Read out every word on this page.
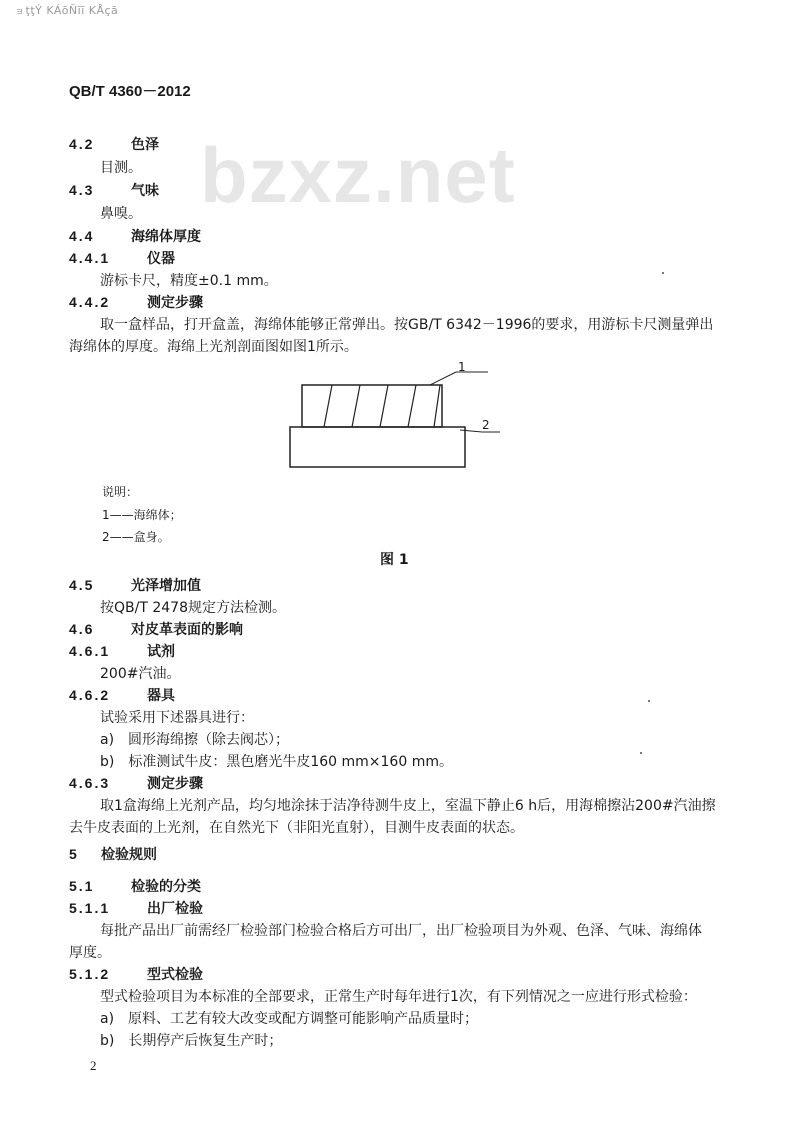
ョţţÝ KÁōÑīī KÅçã
QB/T 4360－2012
bzxz.net
4.2	色泽
目测。
4.3	气味
鼻嗅。
4.4	海绵体厚度
4.4.1	仪器
游标卡尺，精度±0.1 mm。
4.4.2	测定步骤
取一盒样品，打开盒盖，海绵体能够正常弹出。按GB/T 6342－1996的要求，用游标卡尺测量弹出
海绵体的厚度。海绵上光剂剖面图如图1所示。
1
2
说明：
1——海绵体；
2——盒身。
图 1
4.5	光泽增加值
按QB/T 2478规定方法检测。
4.6	对皮革表面的影响
4.6.1	试剂
200#汽油。
4.6.2	器具
试验采用下述器具进行：
a)　圆形海绵擦（除去阀芯）；
b)　标准测试牛皮：黑色磨光牛皮160 mm×160 mm。
4.6.3	测定步骤
取1盒海绵上光剂产品，均匀地涂抹于洁净待测牛皮上，室温下静止6 h后，用海棉擦沾200#汽油擦
去牛皮表面的上光剂，在自然光下（非阳光直射），目测牛皮表面的状态。
5 检验规则
5.1	检验的分类
5.1.1	出厂检验
每批产品出厂前需经厂检验部门检验合格后方可出厂，出厂检验项目为外观、色泽、气味、海绵体
厚度。
5.1.2	型式检验
型式检验项目为本标准的全部要求，正常生产时每年进行1次，有下列情况之一应进行形式检验：
a)　原料、工艺有较大改变或配方调整可能影响产品质量时；
b)　长期停产后恢复生产时；
2
